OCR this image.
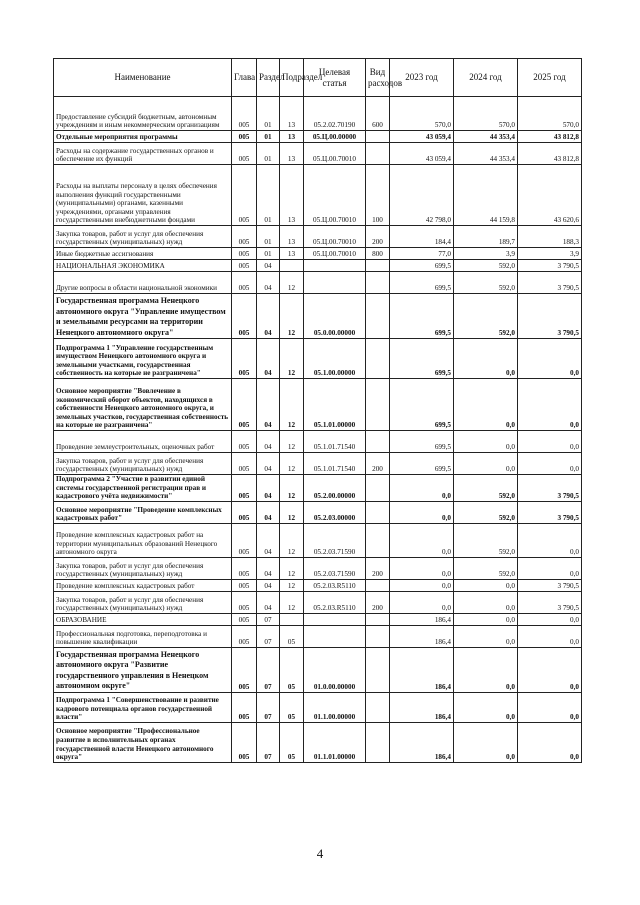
Наименование	Глава	Раздел	Подраздел	Целевая статья	Вид расходов	2023 год	2024 год	2025 год
Предоставление субсидий бюджетным, автономным учреждениям и иным некоммерческим организациям	005	01	13	05.2.02.70190	600	570,0	570,0	570,0
Отдельные мероприятия программы	005	01	13	05.Ц.00.00000		43 059,4	44 353,4	43 812,8
Расходы на содержание государственных органов и обеспечение их функций	005	01	13	05.Ц.00.70010		43 059,4	44 353,4	43 812,8
Расходы на выплаты персоналу в целях обеспечения выполнения функций государственными (муниципальными) органами, казенными учреждениями, органами управления государственными внебюджетными фондами	005	01	13	05.Ц.00.70010	100	42 798,0	44 159,8	43 620,6
Закупка товаров, работ и услуг для обеспечения государственных (муниципальных) нужд	005	01	13	05.Ц.00.70010	200	184,4	189,7	188,3
Иные бюджетные ассигнования	005	01	13	05.Ц.00.70010	800	77,0	3,9	3,9
НАЦИОНАЛЬНАЯ ЭКОНОМИКА	005	04				699,5	592,0	3 790,5
Другие вопросы в области национальной экономики	005	04	12			699,5	592,0	3 790,5
Государственная программа Ненецкого автономного округа "Управление имуществом и земельными ресурсами на территории Ненецкого автономного округа"	005	04	12	05.0.00.00000		699,5	592,0	3 790,5
Подпрограмма 1 "Управление государственным имуществом Ненецкого автономного округа и земельными участками, государственная собственность на которые не разграничена"	005	04	12	05.1.00.00000		699,5	0,0	0,0
Основное мероприятие "Вовлечение в экономический оборот объектов, находящихся в собственности Ненецкого автономного округа, и земельных участков, государственная собственность на которые не разграничена"	005	04	12	05.1.01.00000		699,5	0,0	0,0
Проведение землеустроительных, оценочных работ	005	04	12	05.1.01.71540		699,5	0,0	0,0
Закупка товаров, работ и услуг для обеспечения государственных (муниципальных) нужд	005	04	12	05.1.01.71540	200	699,5	0,0	0,0
Подпрограмма 2 "Участие в развитии единой системы государственной регистрации прав и кадастрового учёта недвижимости"	005	04	12	05.2.00.00000		0,0	592,0	3 790,5
Основное мероприятие "Проведение комплексных кадастровых работ"	005	04	12	05.2.03.00000		0,0	592,0	3 790,5
Проведение комплексных кадастровых работ на территории муниципальных образований Ненецкого автономного округа	005	04	12	05.2.03.71590		0,0	592,0	0,0
Закупка товаров, работ и услуг для обеспечения государственных (муниципальных) нужд	005	04	12	05.2.03.71590	200	0,0	592,0	0,0
Проведение комплексных кадастровых работ	005	04	12	05.2.03.R5110		0,0	0,0	3 790,5
Закупка товаров, работ и услуг для обеспечения государственных (муниципальных) нужд	005	04	12	05.2.03.R5110	200	0,0	0,0	3 790,5
ОБРАЗОВАНИЕ	005	07				186,4	0,0	0,0
Профессиональная подготовка, переподготовка и повышение квалификации	005	07	05			186,4	0,0	0,0
Государственная программа Ненецкого автономного округа "Развитие государственного управления в Ненецком автономном округе"	005	07	05	01.0.00.00000		186,4	0,0	0,0
Подпрограмма 1 "Совершенствование и развитие кадрового потенциала органов государственной власти"	005	07	05	01.1.00.00000		186,4	0,0	0,0
Основное мероприятие "Профессиональное развитие в исполнительных органах государственной власти Ненецкого автономного округа"	005	07	05	01.1.01.00000		186,4	0,0	0,0
4
